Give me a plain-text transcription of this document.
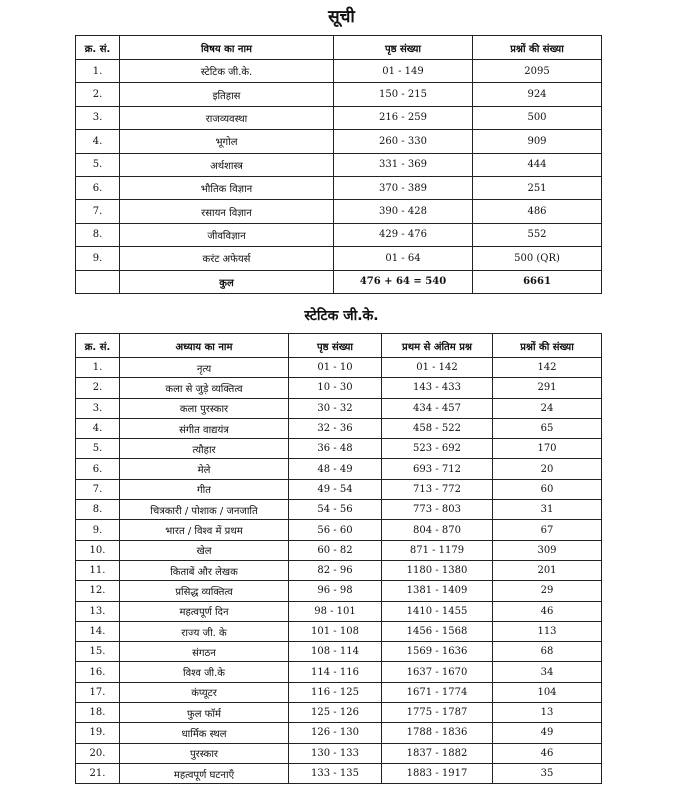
सूची
क्र. सं.	विषय का नाम	पृष्ठ संख्या	प्रश्नों की संख्या
1.	स्टेटिक जी.के.	01 - 149	2095
2.	इतिहास	150 - 215	924
3.	राजव्यवस्था	216 - 259	500
4.	भूगोल	260 - 330	909
5.	अर्थशास्त्र	331 - 369	444
6.	भौतिक विज्ञान	370 - 389	251
7.	रसायन विज्ञान	390 - 428	486
8.	जीवविज्ञान	429 - 476	552
9.	करंट अफेयर्स	01 - 64	500 (QR)
	कुल	476 + 64 = 540	6661
स्टेटिक जी.के.
क्र. सं.	अध्याय का नाम	पृष्ठ संख्या	प्रथम से अंतिम प्रश्न	प्रश्नों की संख्या
1.	नृत्य	01 - 10	01 - 142	142
2.	कला से जुड़े व्यक्तित्व	10 - 30	143 - 433	291
3.	कला पुरस्कार	30 - 32	434 - 457	24
4.	संगीत वाद्ययंत्र	32 - 36	458 - 522	65
5.	त्यौहार	36 - 48	523 - 692	170
6.	मेले	48 - 49	693 - 712	20
7.	गीत	49 - 54	713 - 772	60
8.	चित्रकारी / पोशाक / जनजाति	54 - 56	773 - 803	31
9.	भारत / विश्व में प्रथम	56 - 60	804 - 870	67
10.	खेल	60 - 82	871 - 1179	309
11.	किताबें और लेखक	82 - 96	1180 - 1380	201
12.	प्रसिद्ध व्यक्तित्व	96 - 98	1381 - 1409	29
13.	महत्वपूर्ण दिन	98 - 101	1410 - 1455	46
14.	राज्य जी. के	101 - 108	1456 - 1568	113
15.	संगठन	108 - 114	1569 - 1636	68
16.	विश्व जी.के	114 - 116	1637 - 1670	34
17.	कंप्यूटर	116 - 125	1671 - 1774	104
18.	फुल फॉर्म	125 - 126	1775 - 1787	13
19.	धार्मिक स्थल	126 - 130	1788 - 1836	49
20.	पुरस्कार	130 - 133	1837 - 1882	46
21.	महत्वपूर्ण घटनाएँ	133 - 135	1883 - 1917	35
